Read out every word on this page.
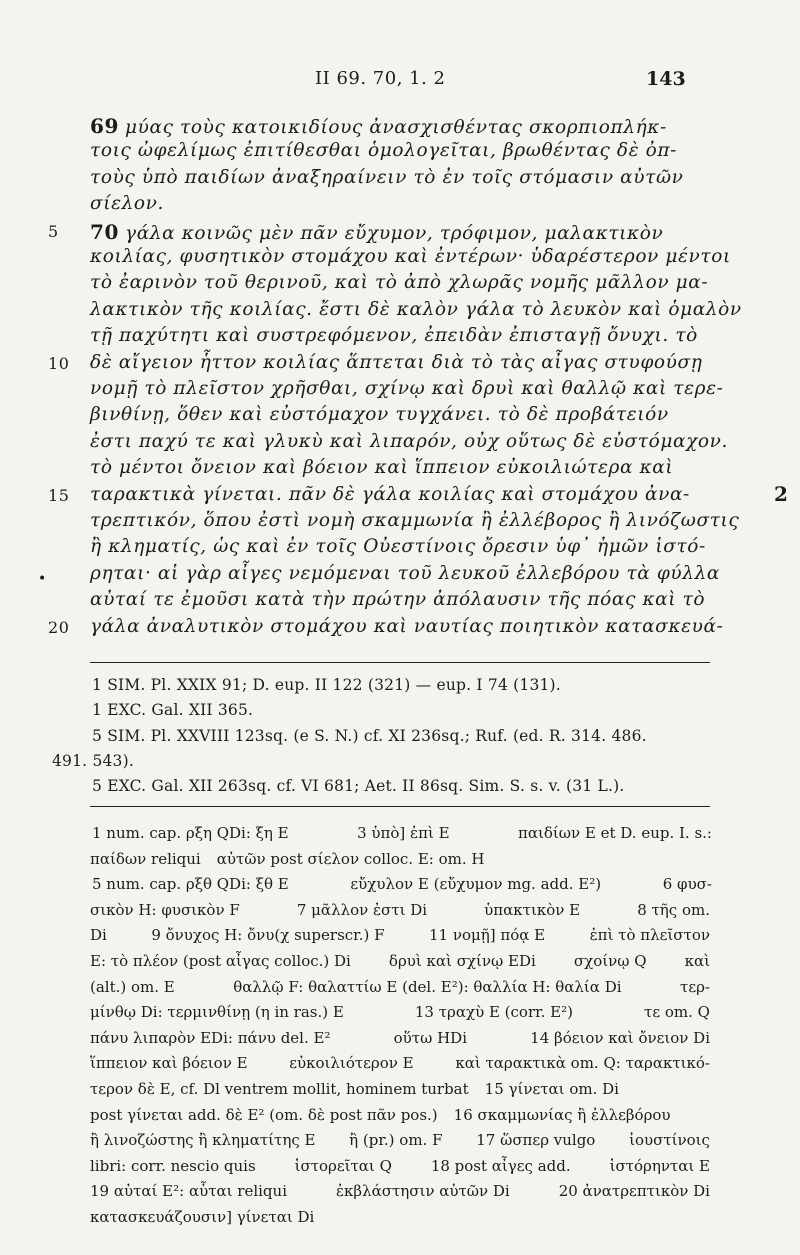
II 69. 70, 1. 2	143
69 μύας τοὺς κατοικιδίους ἀνασχισθέντας σκορπιοπλήκ-
τοις ὠφελίμως ἐπιτίθεσθαι ὁμολογεῖται, βρωθέντας δὲ ὀπ-
τοὺς ὑπὸ παιδίων ἀναξηραίνειν τὸ ἐν τοῖς στόμασιν αὐτῶν
σίελον.
5 70 γάλα κοινῶς μὲν πᾶν εὔχυμον, τρόφιμον, μαλακτικὸν
κοιλίας, φυσητικὸν στομάχου καὶ ἐντέρων· ὑδαρέστερον μέντοι
τὸ ἐαρινὸν τοῦ θερινοῦ, καὶ τὸ ἀπὸ χλωρᾶς νομῆς μᾶλλον μα-
λακτικὸν τῆς κοιλίας. ἔστι δὲ καλὸν γάλα τὸ λευκὸν καὶ ὁμαλὸν
τῇ παχύτητι καὶ συστρεφόμενον, ἐπειδὰν ἐπισταγῇ ὄνυχι. τὸ
10 δὲ αἴγειον ἧττον κοιλίας ἅπτεται διὰ τὸ τὰς αἶγας στυφούσῃ
νομῇ τὸ πλεῖστον χρῆσθαι, σχίνῳ καὶ δρυὶ καὶ θαλλῷ καὶ τερε-
βινθίνῃ, ὅθεν καὶ εὐστόμαχον τυγχάνει. τὸ δὲ προβάτειόν
ἐστι παχύ τε καὶ γλυκὺ καὶ λιπαρόν, οὐχ οὕτως δὲ εὐστόμαχον.
τὸ μέντοι ὄνειον καὶ βόειον καὶ ἵππειον εὐκοιλιώτερα καὶ
15 ταρακτικὰ γίνεται. πᾶν δὲ γάλα κοιλίας καὶ στομάχου ἀνα-
τρεπτικόν, ὅπου ἐστὶ νομὴ σκαμμωνία ἢ ἐλλέβορος ἢ λινόζωστις
ἢ κληματίς, ὡς καὶ ἐν τοῖς Οὐεστίνοις ὄρεσιν ὑφ᾽ ἡμῶν ἱστό-
ρηται· αἱ γὰρ αἶγες νεμόμεναι τοῦ λευκοῦ ἐλλεβόρου τὰ φύλλα
αὐταί τε ἐμοῦσι κατὰ τὴν πρώτην ἀπόλαυσιν τῆς πόας καὶ τὸ
20 γάλα ἀναλυτικὸν στομάχου καὶ ναυτίας ποιητικὸν κατασκευά-
2
•
1 SIM. Pl. XXIX 91; D. eup. II 122 (321) — eup. I 74 (131).
1 EXC. Gal. XII 365.
5 SIM. Pl. XXVIII 123sq. (e S. N.) cf. XI 236sq.; Ruf. (ed. R. 314. 486.
491. 543).
5 EXC. Gal. XII 263sq. cf. VI 681; Aet. II 86sq. Sim. S. s. v. (31 L.).
1 num. cap. ρξη QDi: ξη E	3 ὑπὸ] ἐπὶ E	παιδίων E et D. eup. I. s.:
παίδων reliqui αὐτῶν post σίελον colloc. E: om. H
5 num. cap. ρξθ QDi: ξθ E	εὔχυλον E (εὔχυμον mg. add. E²)	6 φυσ-
σικὸν H: φυσικὸν F	7 μᾶλλον ἐστι Di	ὑπακτικὸν E	8 τῆς om.
Di	9 ὄνυχος H: ὄνυ(χ superscr.) F	11 νομῇ] πόᾳ E	ἐπὶ τὸ πλεῖστον
E: τὸ πλέον (post αἶγας colloc.) Di	δρυὶ καὶ σχίνῳ EDi	σχοίνῳ Q	καὶ
(alt.) om. E	θαλλῷ F: θαλαττίω E (del. E²): θαλλία H: θαλία Di	τερ-
μίνθῳ Di: τερμινθίνῃ (η in ras.) E	13 τραχὺ E (corr. E²)	τε om. Q
πάνυ λιπαρὸν EDi: πάνυ del. E²	οὕτω HDi	14 βόειον καὶ ὄνειον Di
ἵππειον καὶ βόειον E	εὐκοιλιότερον E	καὶ ταρακτικὰ om. Q: ταρακτικό-
τερον δὲ E, cf. Dl ventrem mollit, hominem turbat 15 γίνεται om. Di
post γίνεται add. δὲ E² (om. δὲ post πᾶν pos.) 16 σκαμμωνίας ἢ ἐλλεβόρου
ἢ λινοζώστης ἢ κληματίτης E ἢ (pr.) om. F 17 ὥσπερ vulgo ἰουστίνοις
libri: corr. nescio quis	ἱστορεῖται Q	18 post αἶγες add.	ἱστόρηνται E
19 αὐταί E²: αὗται reliqui	ἐκβλάστησιν αὐτῶν Di	20 ἀνατρεπτικὸν Di
κατασκευάζουσιν] γίνεται Di
